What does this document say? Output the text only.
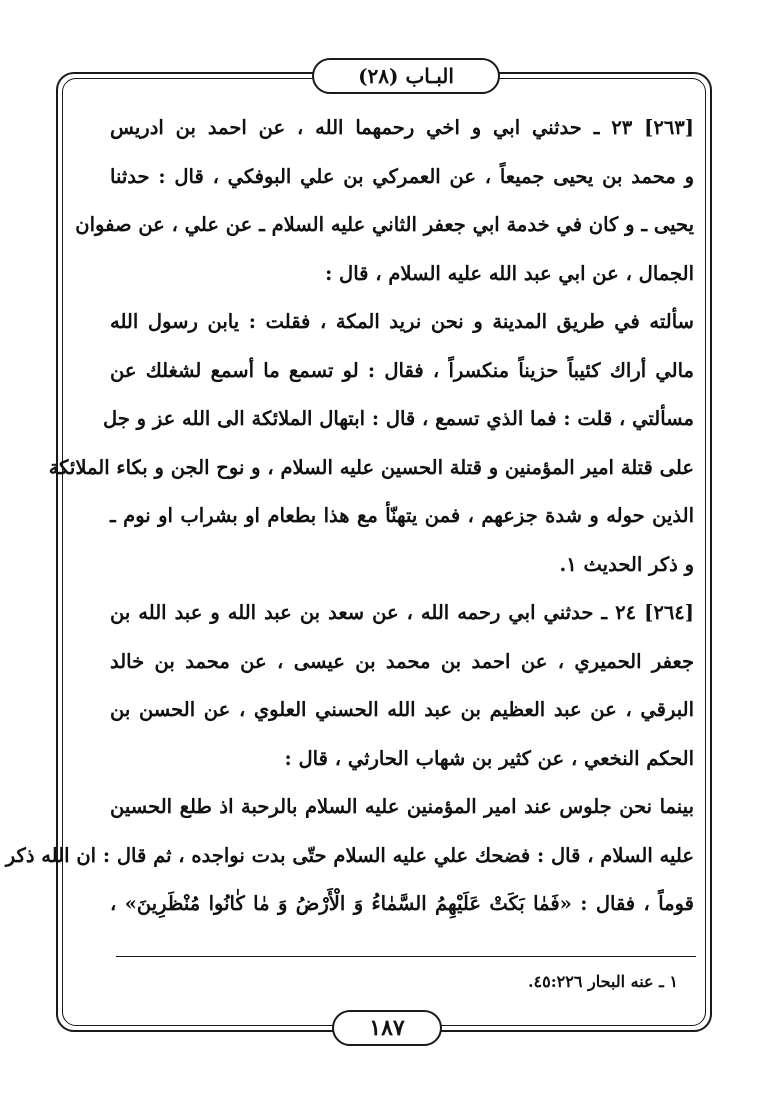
البـاب (٢٨)
[٢٦٣] ٢٣ ـ حدثني ابي و اخي رحمهما الله ، عن احمد بن ادريس
و محمد بن يحيى جميعاً ، عن العمركي بن علي البوفكي ، قال : حدثنا
يحيى ـ و كان في خدمة ابي جعفر الثاني عليه السلام ـ عن علي ، عن صفوان
الجمال ، عن ابي عبد الله عليه السلام ، قال :
سألته في طريق المدينة و نحن نريد المكة ، فقلت : يابن رسول الله
مالي أراك كئيباً حزيناً منكسراً ، فقال : لو تسمع ما أسمع لشغلك عن
مسألتي ، قلت : فما الذي تسمع ، قال : ابتهال الملائكة الى الله عز و جل
على قتلة امير المؤمنين و قتلة الحسين عليه السلام ، و نوح الجن و بكاء الملائكة
الذين حوله و شدة جزعهم ، فمن يتهنّأ مع هذا بطعام او بشراب او نوم ـ
و ذكر الحديث ١.
[٢٦٤] ٢٤ ـ حدثني ابي رحمه الله ، عن سعد بن عبد الله و عبد الله بن
جعفر الحميري ، عن احمد بن محمد بن عيسى ، عن محمد بن خالد
البرقي ، عن عبد العظيم بن عبد الله الحسني العلوي ، عن الحسن بن
الحكم النخعي ، عن كثير بن شهاب الحارثي ، قال :
بينما نحن جلوس عند امير المؤمنين عليه السلام بالرحبة اذ طلع الحسين
عليه السلام ، قال : فضحك علي عليه السلام حتّى بدت نواجده ، ثم قال : ان الله ذكر
قوماً ، فقال : «فَمٰا بَكَتْ عَلَيْهِمُ السَّمٰاءُ وَ الْأَرْضُ وَ مٰا كٰانُوا مُنْظَرِينَ» ،
١ ـ عنه البحار ٤٥:٢٢٦.
١٨٧
